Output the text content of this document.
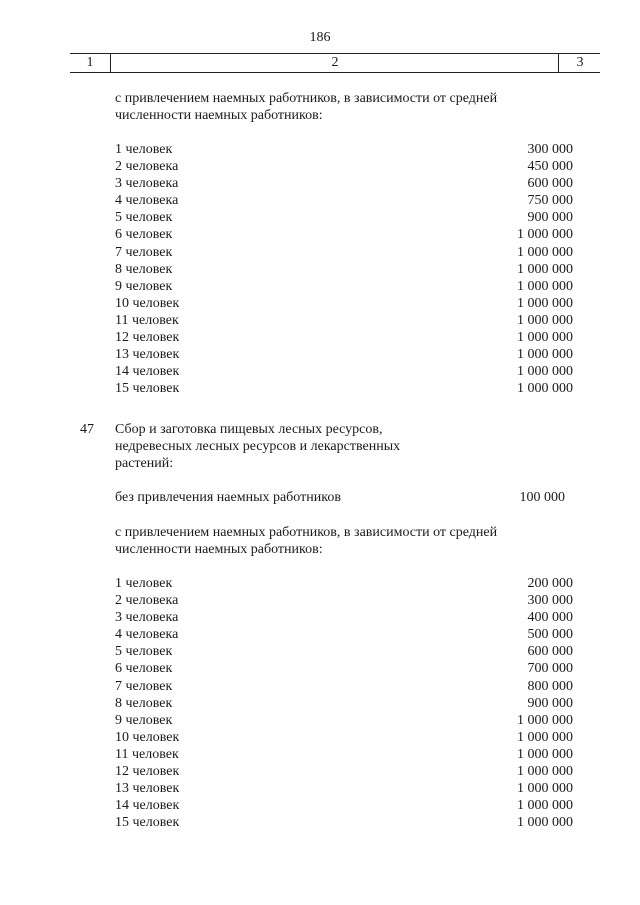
186
1	2	3
с привлечением наемных работников, в зависимости от средней численности наемных работников:
1 человек	300 000
2 человека	450 000
3 человека	600 000
4 человека	750 000
5 человек	900 000
6 человек	1 000 000
7 человек	1 000 000
8 человек	1 000 000
9 человек	1 000 000
10 человек	1 000 000
11 человек	1 000 000
12 человек	1 000 000
13 человек	1 000 000
14 человек	1 000 000
15 человек	1 000 000
47 Сбор и заготовка пищевых лесных ресурсов, недревесных лесных ресурсов и лекарственных растений:
без привлечения наемных работников	100 000
с привлечением наемных работников, в зависимости от средней численности наемных работников:
1 человек	200 000
2 человека	300 000
3 человека	400 000
4 человека	500 000
5 человек	600 000
6 человек	700 000
7 человек	800 000
8 человек	900 000
9 человек	1 000 000
10 человек	1 000 000
11 человек	1 000 000
12 человек	1 000 000
13 человек	1 000 000
14 человек	1 000 000
15 человек	1 000 000
